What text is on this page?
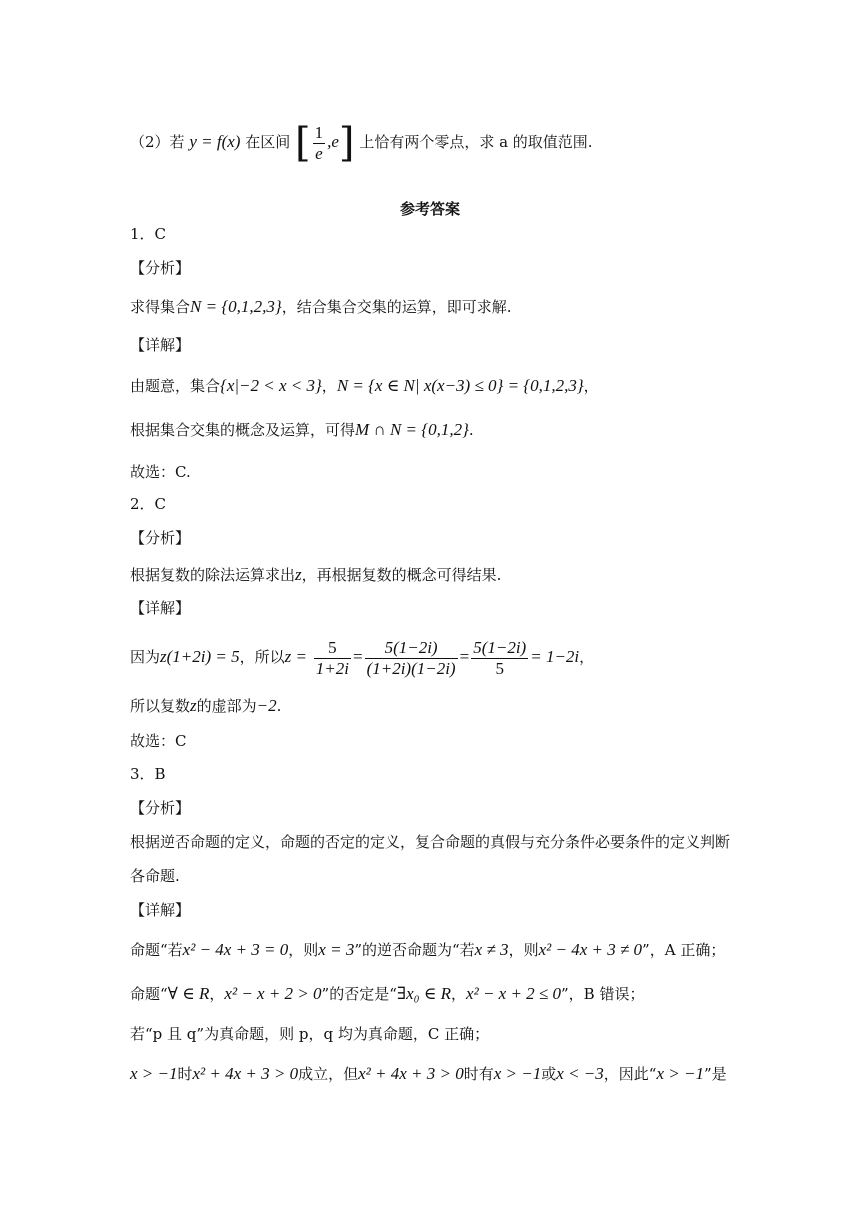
（2）若 y = f(x) 在区间 [ $\frac{1}{e} ,e$] 上恰有两个零点，求 a 的取值范围.
参考答案
1．C
【分析】
求得集合N = {0,1,2,3}，结合集合交集的运算，即可求解.
【详解】
由题意，集合{x|−2 < x < 3}，N = {x ∈ N| x(x−3) ≤ 0} = {0,1,2,3}，
根据集合交集的概念及运算，可得M ∩ N = {0,1,2}.
故选：C.
2．C
【分析】
根据复数的除法运算求出z，再根据复数的概念可得结果.
【详解】
因为z(1+2i) = 5，所以$z = \frac{5}{1+2i} = \frac{5(1-2i)}{(1+2i)(1-2i)} = \frac{5(1-2i)}{5} = 1-2i$，
所以复数z的虚部为−2.
故选：C
3．B
【分析】
根据逆否命题的定义，命题的否定的定义，复合命题的真假与充分条件必要条件的定义判断
各命题.
【详解】
命题“若x² − 4x + 3 = 0，则x = 3”的逆否命题为“若x ≠ 3，则x² − 4x + 3 ≠ 0”，A 正确；
命题“∀ ∈ R，x² − x + 2 > 0”的否定是“∃x₀ ∈ R，x² − x + 2 ≤ 0”，B 错误；
若“p 且 q”为真命题，则 p，q 均为真命题，C 正确；
x > −1时x² + 4x + 3 > 0成立，但x² + 4x + 3 > 0时有x > −1或x < −3，因此“x > −1”是
